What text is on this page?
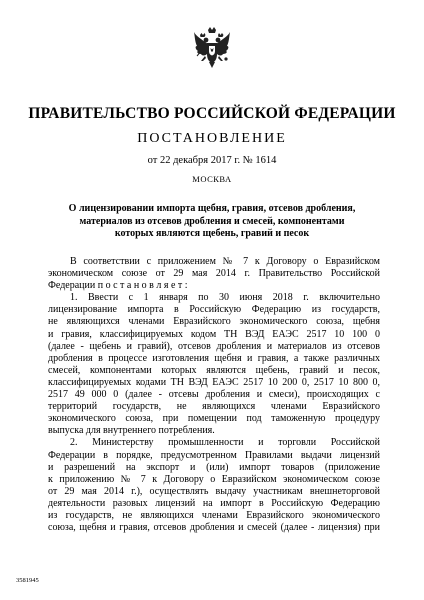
ПРАВИТЕЛЬСТВО РОССИЙСКОЙ ФЕДЕРАЦИИ
ПОСТАНОВЛЕНИЕ
от 22 декабря 2017 г. № 1614
МОСКВА
О лицензировании импорта щебня, гравия, отсевов дробления,
материалов из отсевов дробления и смесей, компонентами
которых являются щебень, гравий и песок
В соответствии с приложением № 7 к Договору о Евразийском
экономическом союзе от 29 мая 2014 г. Правительство Российской
Федерации п о с т а н о в л я е т :
1. Ввести с 1 января по 30 июня 2018 г. включительно
лицензирование импорта в Российскую Федерацию из государств,
не являющихся членами Евразийского экономического союза, щебня
и гравия, классифицируемых кодом ТН ВЭД ЕАЭС 2517 10 100 0
(далее - щебень и гравий), отсевов дробления и материалов из отсевов
дробления в процессе изготовления щебня и гравия, а также различных
смесей, компонентами которых являются щебень, гравий и песок,
классифицируемых кодами ТН ВЭД ЕАЭС 2517 10 200 0, 2517 10 800 0,
2517 49 000 0 (далее - отсевы дробления и смеси), происходящих с
территорий государств, не являющихся членами Евразийского
экономического союза, при помещении под таможенную процедуру
выпуска для внутреннего потребления.
2. Министерству промышленности и торговли Российской
Федерации в порядке, предусмотренном Правилами выдачи лицензий
и разрешений на экспорт и (или) импорт товаров (приложение
к приложению № 7 к Договору о Евразийском экономическом союзе
от 29 мая 2014 г.), осуществлять выдачу участникам внешнеторговой
деятельности разовых лицензий на импорт в Российскую Федерацию
из государств, не являющихся членами Евразийского экономического
союза, щебня и гравия, отсевов дробления и смесей (далее - лицензия) при
3581945
